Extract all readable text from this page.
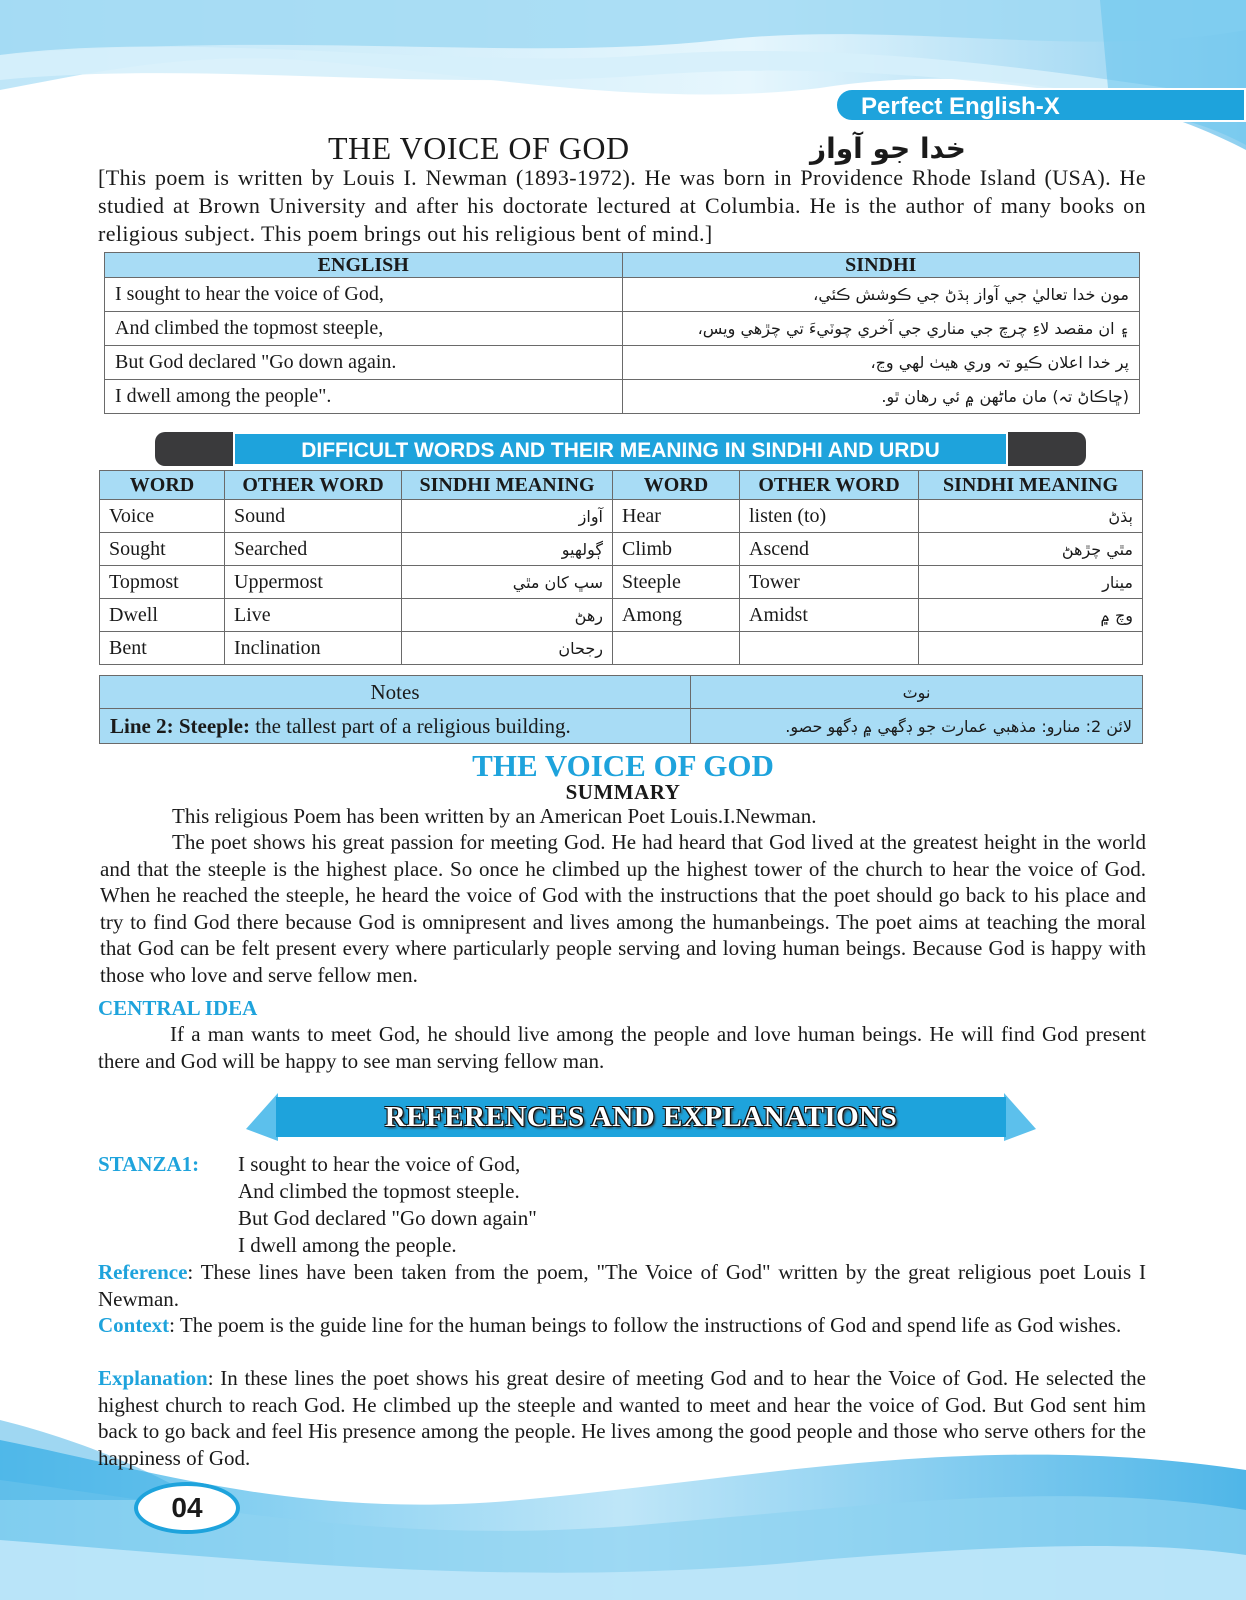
Perfect English-X
THE VOICE OF GOD	خدا جو آواز
[This poem is written by Louis I. Newman (1893-1972). He was born in Providence Rhode Island (USA). He studied at Brown University and after his doctorate lectured at Columbia. He is the author of many books on religious subject. This poem brings out his religious bent of mind.]
ENGLISH	SINDHI
I sought to hear the voice of God,	مون خدا تعاليٰ جي آواز ٻڌڻ جي ڪوشش ڪئي،
And climbed the topmost steeple,	۽ ان مقصد لاءِ چرچ جي مناري جي آخري چوٽيءَ تي چڙهي ويس،
But God declared "Go down again.	پر خدا اعلان ڪيو تہ وري هيٺ لهي وڃ،
I dwell among the people".	(ڇاڪاڻ تہ) مان ماڻهن ۾ ئي رهان ٿو.
DIFFICULT WORDS AND THEIR MEANING IN SINDHI AND URDU
WORD	OTHER WORD	SINDHI MEANING	WORD	OTHER WORD	SINDHI MEANING
Voice	Sound	آواز	Hear	listen (to)	ٻڌڻ
Sought	Searched	ڳولهيو	Climb	Ascend	مٿي چڙهڻ
Topmost	Uppermost	سڀ کان مٿي	Steeple	Tower	مينار
Dwell	Live	رهڻ	Among	Amidst	وچ ۾
Bent	Inclination	رجحان			
Notes	نوٽ
Line 2: Steeple: the tallest part of a religious building.	لائن 2: منارو: مذهبي عمارت جو ڊگهي ۾ ڊگهو حصو.
THE VOICE OF GOD
SUMMARY
This religious Poem has been written by an American Poet Louis.I.Newman.
The poet shows his great passion for meeting God. He had heard that God lived at the greatest height in the world and that the steeple is the highest place. So once he climbed up the highest tower of the church to hear the voice of God. When he reached the steeple, he heard the voice of God with the instructions that the poet should go back to his place and try to find God there because God is omnipresent and lives among the humanbeings. The poet aims at teaching the moral that God can be felt present every where particularly people serving and loving human beings. Because God is happy with those who love and serve fellow men.
CENTRAL IDEA
If a man wants to meet God, he should live among the people and love human beings. He will find God present there and God will be happy to see man serving fellow man.
REFERENCES AND EXPLANATIONS
STANZA1: I sought to hear the voice of God,
And climbed the topmost steeple.
But God declared "Go down again"
I dwell among the people.
Reference: These lines have been taken from the poem, "The Voice of God" written by the great religious poet Louis I Newman.
Context: The poem is the guide line for the human beings to follow the instructions of God and spend life as God wishes.
Explanation: In these lines the poet shows his great desire of meeting God and to hear the Voice of God. He selected the highest church to reach God. He climbed up the steeple and wanted to meet and hear the voice of God. But God sent him back to go back and feel His presence among the people. He lives among the good people and those who serve others for the happiness of God.
04
